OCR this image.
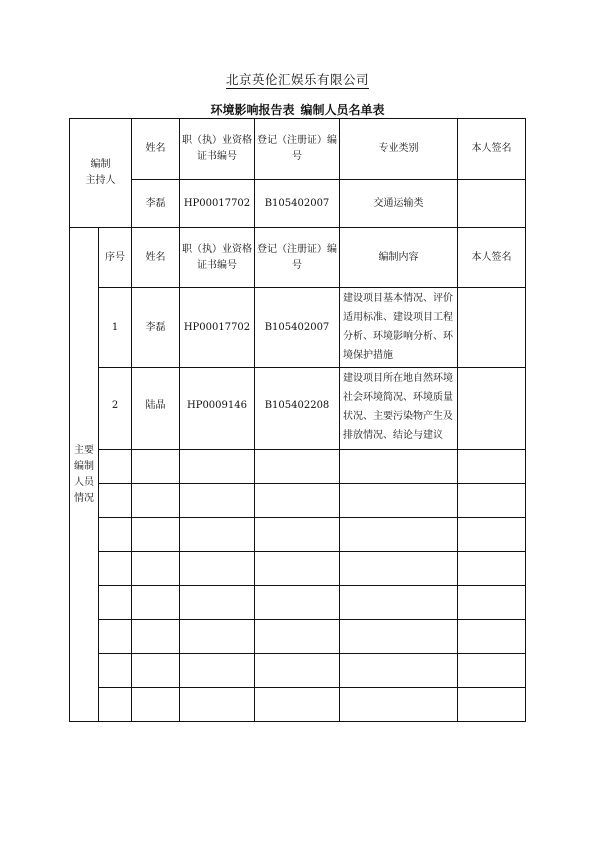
北京英伦汇娱乐有限公司
环境影响报告表 编制人员名单表
编制
主持人		姓名	职（执）业资格证书编号	登记（注册证）编号	专业类别	本人签名
		李磊	HP00017702	B105402007	交通运输类	

主要
编制
人员
情况	序号	姓名	职（执）业资格证书编号	登记（注册证）编号	编制内容	本人签名
	1	李磊	HP00017702	B105402007	建设项目基本情况、评价适用标准、建设项目工程分析、环境影响分析、环境保护措施	
	2	陆晶	HP0009146	B105402208	建设项目所在地自然环境社会环境简况、环境质量状况、主要污染物产生及排放情况、结论与建议	
